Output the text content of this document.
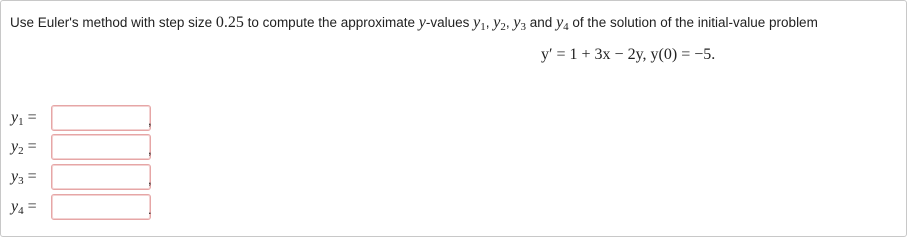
Use Euler's method with step size 0.25 to compute the approximate y-values $y_1$, $y_2$, $y_3$ and $y_4$ of the solution of the initial-value problem
y′ = 1 + 3x − 2y, y(0) = −5.
$y_1$ =	,
$y_2$ =	,
$y_3$ =	,
$y_4$ =	.
